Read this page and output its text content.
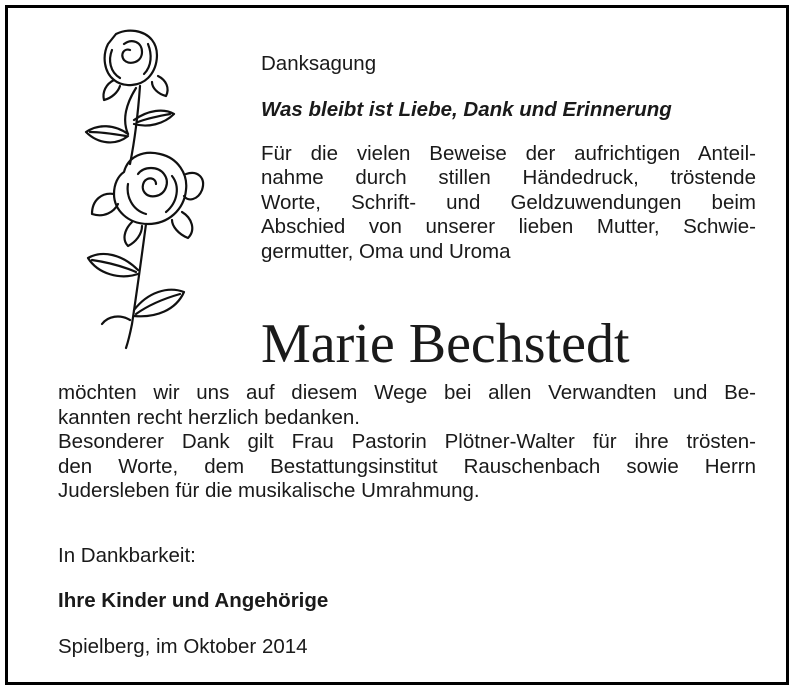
Danksagung
Was bleibt ist Liebe, Dank und Erinnerung
Für die vielen Beweise der aufrichtigen Anteil-
nahme durch stillen Händedruck, tröstende
Worte, Schrift- und Geldzuwendungen beim
Abschied von unserer lieben Mutter, Schwie-
germutter, Oma und Uroma
Marie Bechstedt
möchten wir uns auf diesem Wege bei allen Verwandten und Be-
kannten recht herzlich bedanken.
Besonderer Dank gilt Frau Pastorin Plötner-Walter für ihre trösten-
den Worte, dem Bestattungsinstitut Rauschenbach sowie Herrn
Judersleben für die musikalische Umrahmung.
In Dankbarkeit:
Ihre Kinder und Angehörige
Spielberg, im Oktober 2014
